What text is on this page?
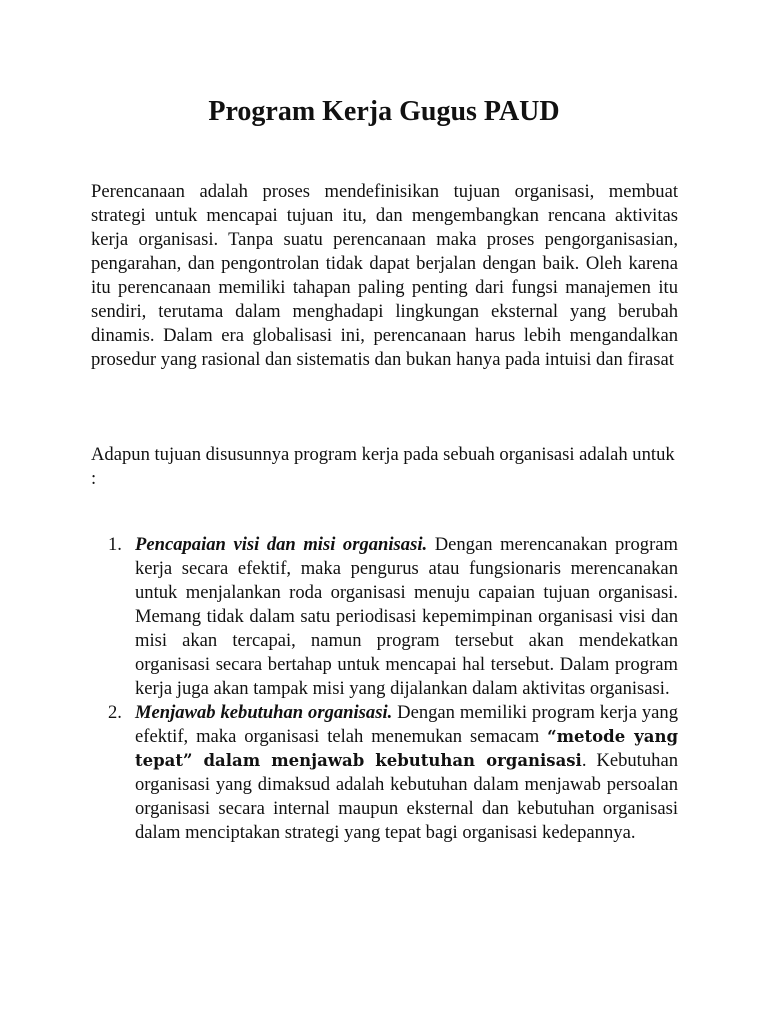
Program Kerja Gugus PAUD

Perencanaan adalah proses mendefinisikan tujuan organisasi, membuat strategi untuk mencapai tujuan itu, dan mengembangkan rencana aktivitas kerja organisasi. Tanpa suatu perencanaan maka proses pengorganisasian, pengarahan, dan pengontrolan tidak dapat berjalan dengan baik. Oleh karena itu perencanaan memiliki tahapan paling penting dari fungsi manajemen itu sendiri, terutama dalam menghadapi lingkungan eksternal yang berubah dinamis. Dalam era globalisasi ini, perencanaan harus lebih mengandalkan prosedur yang rasional dan sistematis dan bukan hanya pada intuisi dan firasat

Adapun tujuan disusunnya program kerja pada sebuah organisasi adalah untuk :

1. Pencapaian visi dan misi organisasi. Dengan merencanakan program kerja secara efektif, maka pengurus atau fungsionaris merencanakan untuk menjalankan roda organisasi menuju capaian tujuan organisasi. Memang tidak dalam satu periodisasi kepemimpinan organisasi visi dan misi akan tercapai, namun program tersebut akan mendekatkan organisasi secara bertahap untuk mencapai hal tersebut. Dalam program kerja juga akan tampak misi yang dijalankan dalam aktivitas organisasi.
2. Menjawab kebutuhan organisasi. Dengan memiliki program kerja yang efektif, maka organisasi telah menemukan semacam “metode yang tepat” dalam menjawab kebutuhan organisasi. Kebutuhan organisasi yang dimaksud adalah kebutuhan dalam menjawab persoalan organisasi secara internal maupun eksternal dan kebutuhan organisasi dalam menciptakan strategi yang tepat bagi organisasi kedepannya.
